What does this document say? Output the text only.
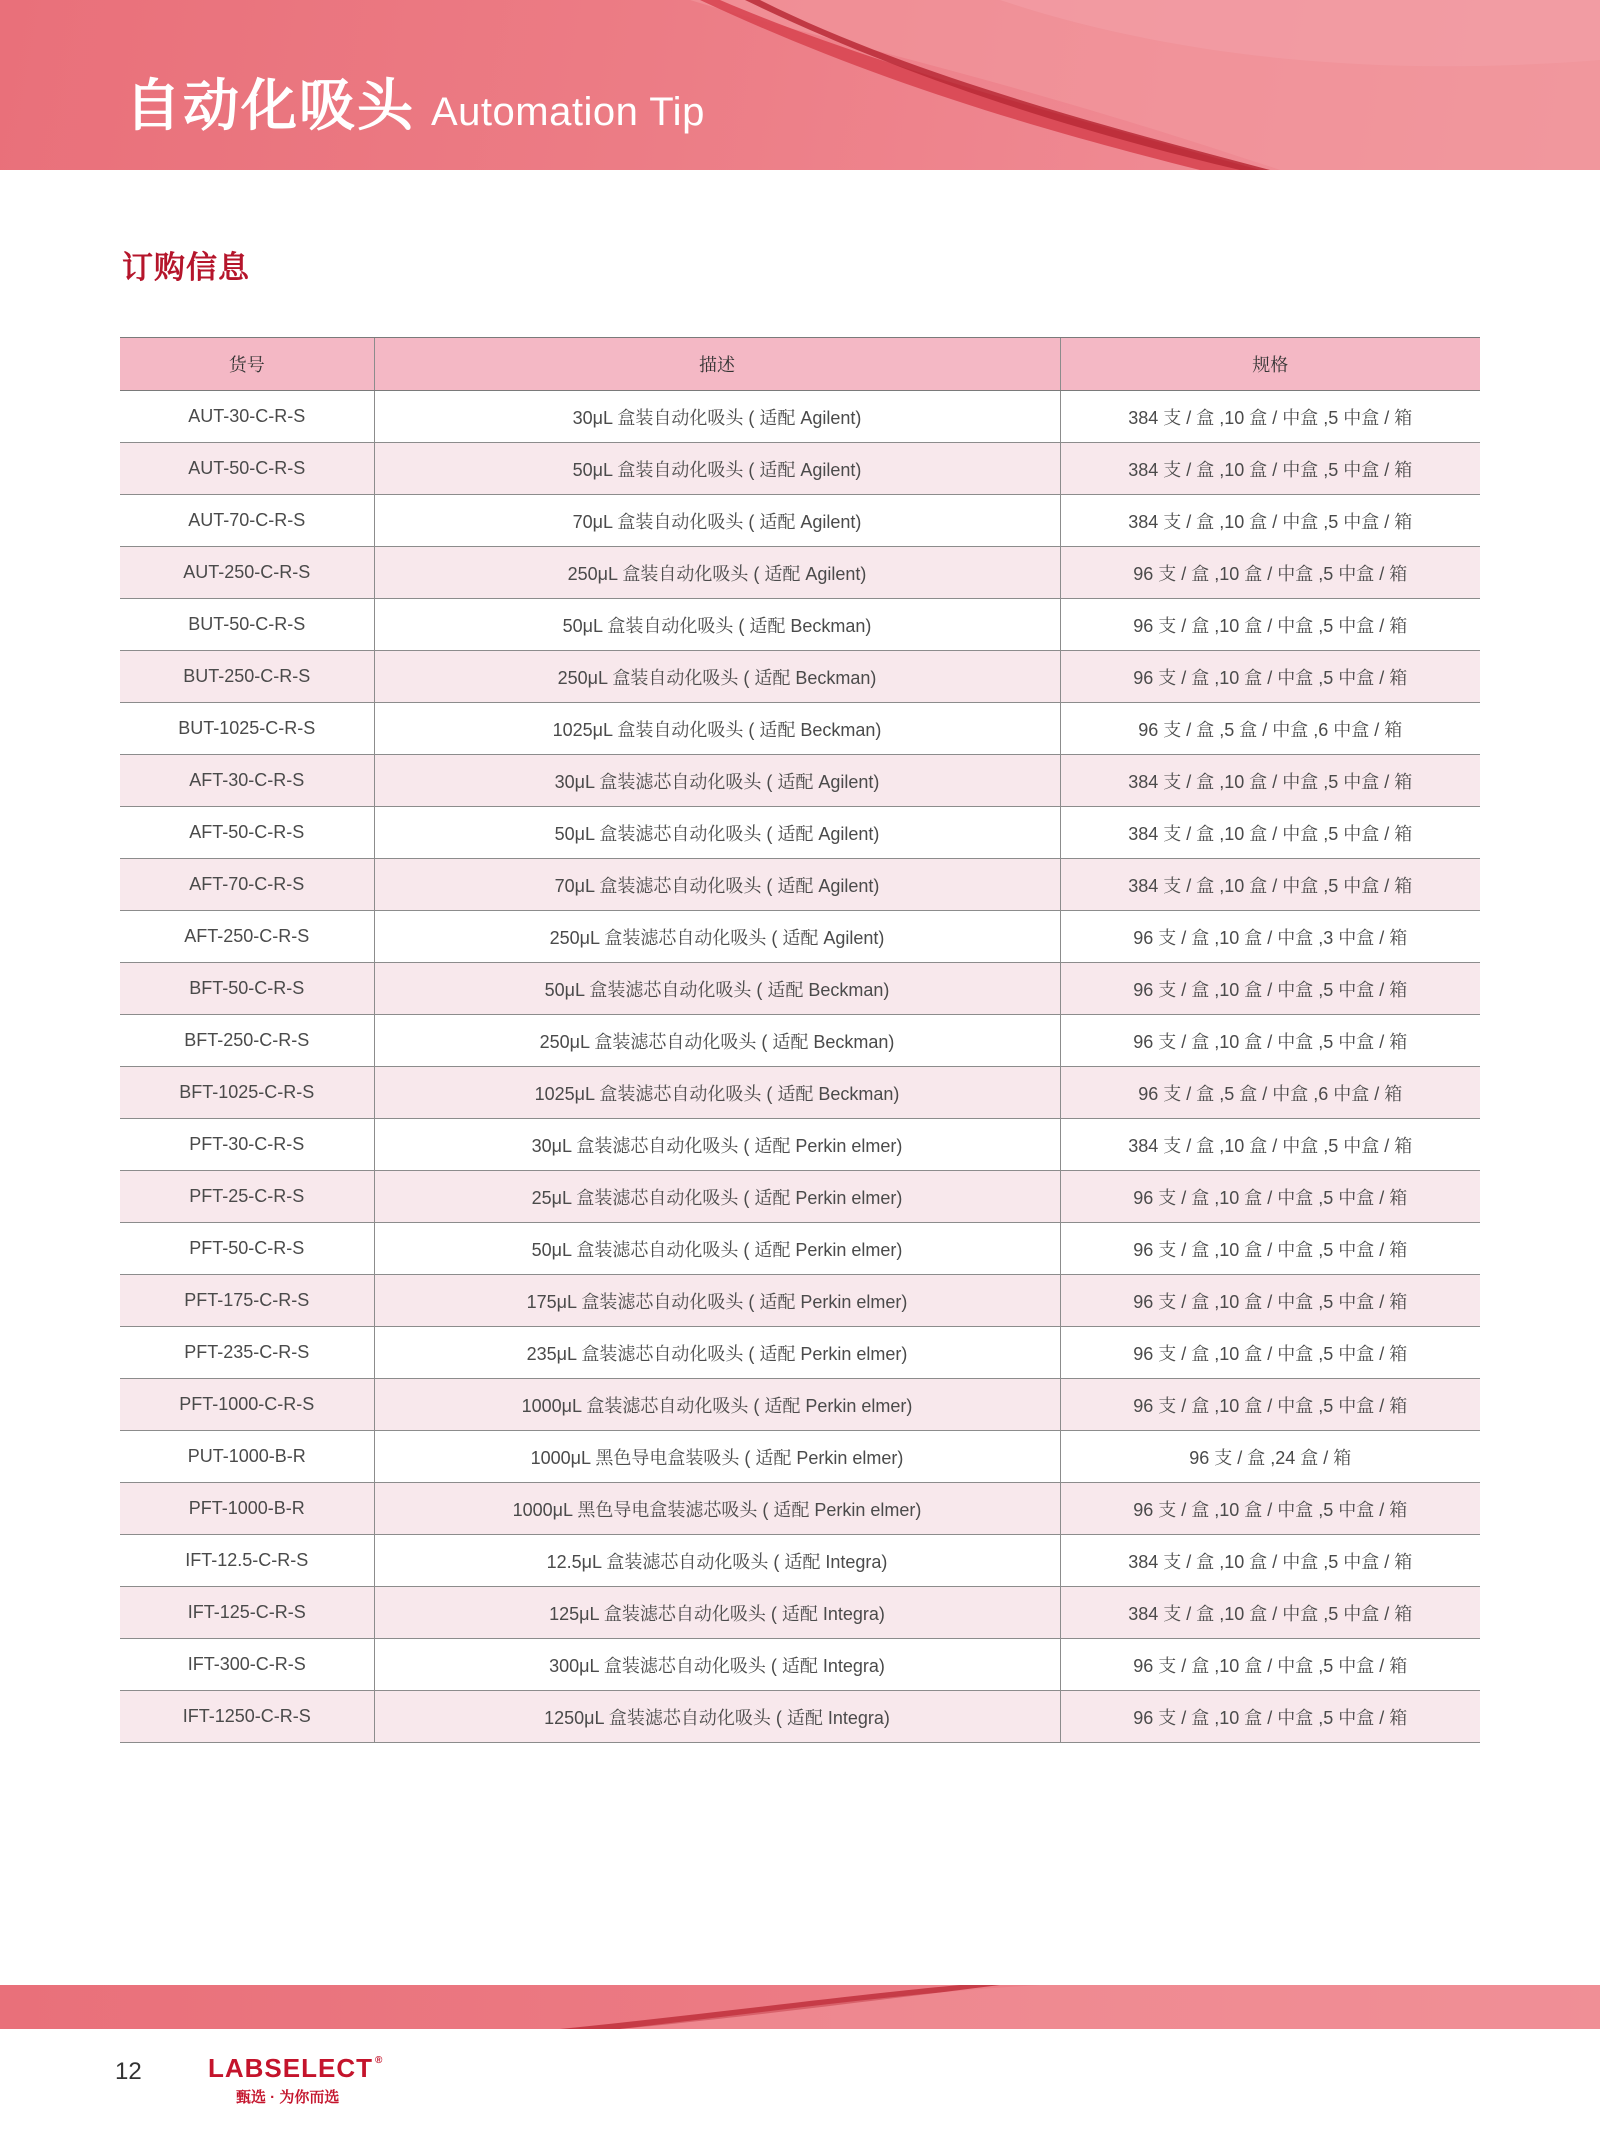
自动化吸头 Automation Tip
订购信息
货号	描述	规格
AUT-30-C-R-S	30μL 盒装自动化吸头 ( 适配 Agilent)	384 支 / 盒 ,10 盒 / 中盒 ,5 中盒 / 箱
AUT-50-C-R-S	50μL 盒装自动化吸头 ( 适配 Agilent)	384 支 / 盒 ,10 盒 / 中盒 ,5 中盒 / 箱
AUT-70-C-R-S	70μL 盒装自动化吸头 ( 适配 Agilent)	384 支 / 盒 ,10 盒 / 中盒 ,5 中盒 / 箱
AUT-250-C-R-S	250μL 盒装自动化吸头 ( 适配 Agilent)	96 支 / 盒 ,10 盒 / 中盒 ,5 中盒 / 箱
BUT-50-C-R-S	50μL 盒装自动化吸头 ( 适配 Beckman)	96 支 / 盒 ,10 盒 / 中盒 ,5 中盒 / 箱
BUT-250-C-R-S	250μL 盒装自动化吸头 ( 适配 Beckman)	96 支 / 盒 ,10 盒 / 中盒 ,5 中盒 / 箱
BUT-1025-C-R-S	1025μL 盒装自动化吸头 ( 适配 Beckman)	96 支 / 盒 ,5 盒 / 中盒 ,6 中盒 / 箱
AFT-30-C-R-S	30μL 盒装滤芯自动化吸头 ( 适配 Agilent)	384 支 / 盒 ,10 盒 / 中盒 ,5 中盒 / 箱
AFT-50-C-R-S	50μL 盒装滤芯自动化吸头 ( 适配 Agilent)	384 支 / 盒 ,10 盒 / 中盒 ,5 中盒 / 箱
AFT-70-C-R-S	70μL 盒装滤芯自动化吸头 ( 适配 Agilent)	384 支 / 盒 ,10 盒 / 中盒 ,5 中盒 / 箱
AFT-250-C-R-S	250μL 盒装滤芯自动化吸头 ( 适配 Agilent)	96 支 / 盒 ,10 盒 / 中盒 ,3 中盒 / 箱
BFT-50-C-R-S	50μL 盒装滤芯自动化吸头 ( 适配 Beckman)	96 支 / 盒 ,10 盒 / 中盒 ,5 中盒 / 箱
BFT-250-C-R-S	250μL 盒装滤芯自动化吸头 ( 适配 Beckman)	96 支 / 盒 ,10 盒 / 中盒 ,5 中盒 / 箱
BFT-1025-C-R-S	1025μL 盒装滤芯自动化吸头 ( 适配 Beckman)	96 支 / 盒 ,5 盒 / 中盒 ,6 中盒 / 箱
PFT-30-C-R-S	30μL 盒装滤芯自动化吸头 ( 适配 Perkin elmer)	384 支 / 盒 ,10 盒 / 中盒 ,5 中盒 / 箱
PFT-25-C-R-S	25μL 盒装滤芯自动化吸头 ( 适配 Perkin elmer)	96 支 / 盒 ,10 盒 / 中盒 ,5 中盒 / 箱
PFT-50-C-R-S	50μL 盒装滤芯自动化吸头 ( 适配 Perkin elmer)	96 支 / 盒 ,10 盒 / 中盒 ,5 中盒 / 箱
PFT-175-C-R-S	175μL 盒装滤芯自动化吸头 ( 适配 Perkin elmer)	96 支 / 盒 ,10 盒 / 中盒 ,5 中盒 / 箱
PFT-235-C-R-S	235μL 盒装滤芯自动化吸头 ( 适配 Perkin elmer)	96 支 / 盒 ,10 盒 / 中盒 ,5 中盒 / 箱
PFT-1000-C-R-S	1000μL 盒装滤芯自动化吸头 ( 适配 Perkin elmer)	96 支 / 盒 ,10 盒 / 中盒 ,5 中盒 / 箱
PUT-1000-B-R	1000μL 黑色导电盒装吸头 ( 适配 Perkin elmer)	96 支 / 盒 ,24 盒 / 箱
PFT-1000-B-R	1000μL 黑色导电盒装滤芯吸头 ( 适配 Perkin elmer)	96 支 / 盒 ,10 盒 / 中盒 ,5 中盒 / 箱
IFT-12.5-C-R-S	12.5μL 盒装滤芯自动化吸头 ( 适配 Integra)	384 支 / 盒 ,10 盒 / 中盒 ,5 中盒 / 箱
IFT-125-C-R-S	125μL 盒装滤芯自动化吸头 ( 适配 Integra)	384 支 / 盒 ,10 盒 / 中盒 ,5 中盒 / 箱
IFT-300-C-R-S	300μL 盒装滤芯自动化吸头 ( 适配 Integra)	96 支 / 盒 ,10 盒 / 中盒 ,5 中盒 / 箱
IFT-1250-C-R-S	1250μL 盒装滤芯自动化吸头 ( 适配 Integra)	96 支 / 盒 ,10 盒 / 中盒 ,5 中盒 / 箱
12	LABSELECT ®
甄选 · 为你而选
